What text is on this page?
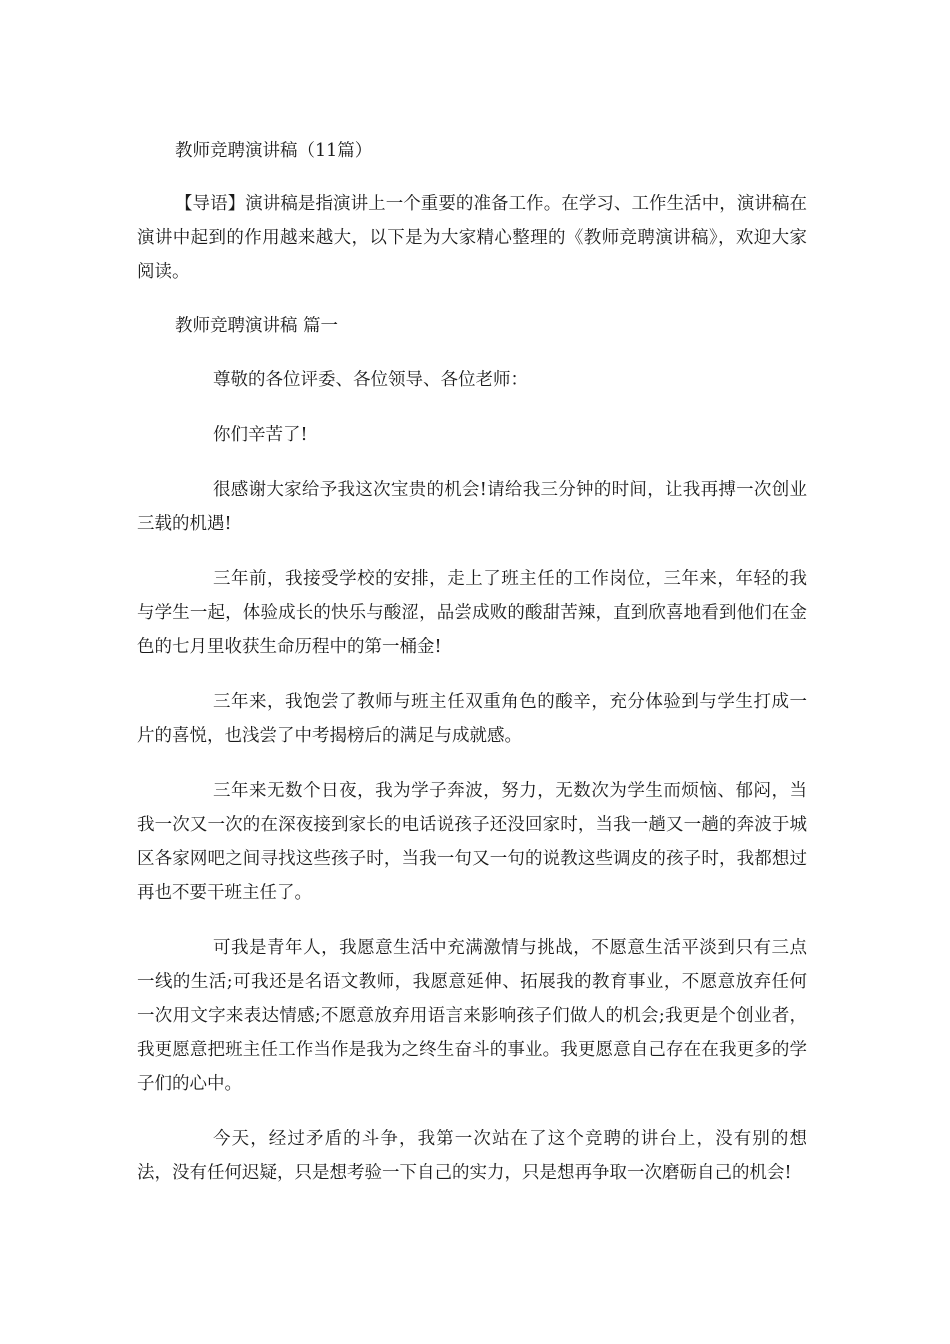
教师竞聘演讲稿（11篇）

【导语】演讲稿是指演讲上一个重要的准备工作。在学习、工作生活中，演讲稿在演讲中起到的作用越来越大，以下是为大家精心整理的《教师竞聘演讲稿》，欢迎大家阅读。

教师竞聘演讲稿 篇一

尊敬的各位评委、各位领导、各位老师：

你们辛苦了!

很感谢大家给予我这次宝贵的机会!请给我三分钟的时间，让我再搏一次创业三载的机遇!

三年前，我接受学校的安排，走上了班主任的工作岗位，三年来，年轻的我与学生一起，体验成长的快乐与酸涩，品尝成败的酸甜苦辣，直到欣喜地看到他们在金色的七月里收获生命历程中的第一桶金!

三年来，我饱尝了教师与班主任双重角色的酸辛，充分体验到与学生打成一片的喜悦，也浅尝了中考揭榜后的满足与成就感。

三年来无数个日夜，我为学子奔波，努力，无数次为学生而烦恼、郁闷，当我一次又一次的在深夜接到家长的电话说孩子还没回家时，当我一趟又一趟的奔波于城区各家网吧之间寻找这些孩子时，当我一句又一句的说教这些调皮的孩子时，我都想过再也不要干班主任了。

可我是青年人，我愿意生活中充满激情与挑战，不愿意生活平淡到只有三点一线的生活;可我还是名语文教师，我愿意延伸、拓展我的教育事业，不愿意放弃任何一次用文字来表达情感;不愿意放弃用语言来影响孩子们做人的机会;我更是个创业者，我更愿意把班主任工作当作是我为之终生奋斗的事业。我更愿意自己存在在我更多的学子们的心中。

今天，经过矛盾的斗争，我第一次站在了这个竞聘的讲台上，没有别的想法，没有任何迟疑，只是想考验一下自己的实力，只是想再争取一次磨砺自己的机会!
